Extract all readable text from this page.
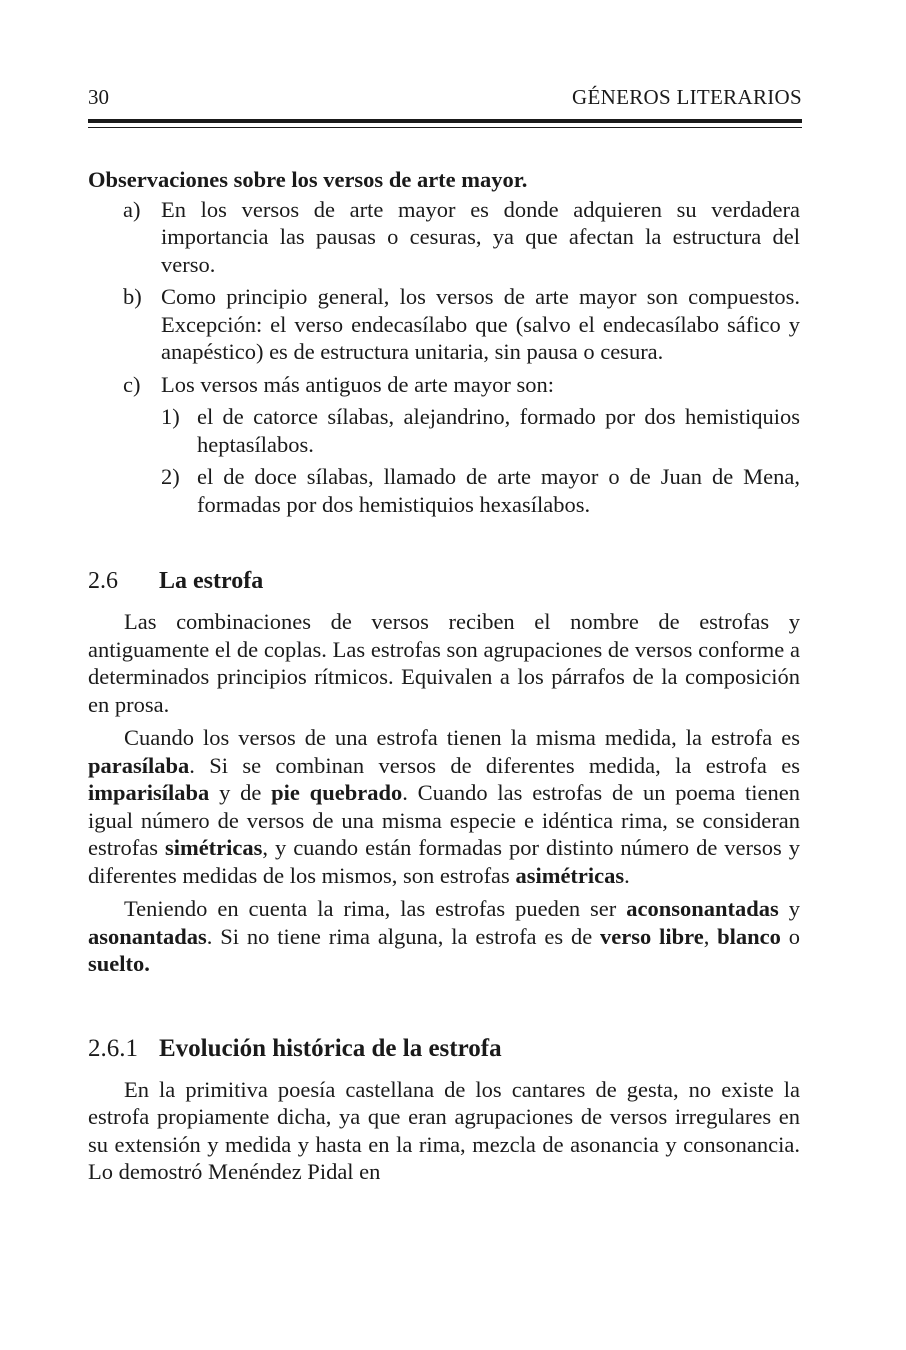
30	GÉNEROS LITERARIOS
Observaciones sobre los versos de arte mayor.
a) En los versos de arte mayor es donde adquieren su verdadera importancia las pausas o cesuras, ya que afectan la estructura del verso.
b) Como principio general, los versos de arte mayor son compuestos. Excepción: el verso endecasílabo que (salvo el endecasílabo sáfico y anapéstico) es de estructura unitaria, sin pausa o cesura.
c) Los versos más antiguos de arte mayor son:
1) el de catorce sílabas, alejandrino, formado por dos hemistiquios heptasílabos.
2) el de doce sílabas, llamado de arte mayor o de Juan de Mena, formadas por dos hemistiquios hexasílabos.
2.6	La estrofa

Las combinaciones de versos reciben el nombre de estrofas y antiguamente el de coplas. Las estrofas son agrupaciones de versos conforme a determinados principios rítmicos. Equivalen a los párrafos de la composición en prosa.

Cuando los versos de una estrofa tienen la misma medida, la estrofa es parasílaba. Si se combinan versos de diferentes medida, la estrofa es imparisílaba y de pie quebrado. Cuando las estrofas de un poema tienen igual número de versos de una misma especie e idéntica rima, se consideran estrofas simétricas, y cuando están formadas por distinto número de versos y diferentes medidas de los mismos, son estrofas asimétricas.

Teniendo en cuenta la rima, las estrofas pueden ser aconsonantadas y asonantadas. Si no tiene rima alguna, la estrofa es de verso libre, blanco o suelto.

2.6.1 Evolución histórica de la estrofa

En la primitiva poesía castellana de los cantares de gesta, no existe la estrofa propiamente dicha, ya que eran agrupaciones de versos irregulares en su extensión y medida y hasta en la rima, mezcla de asonancia y consonancia. Lo demostró Menéndez Pidal en
